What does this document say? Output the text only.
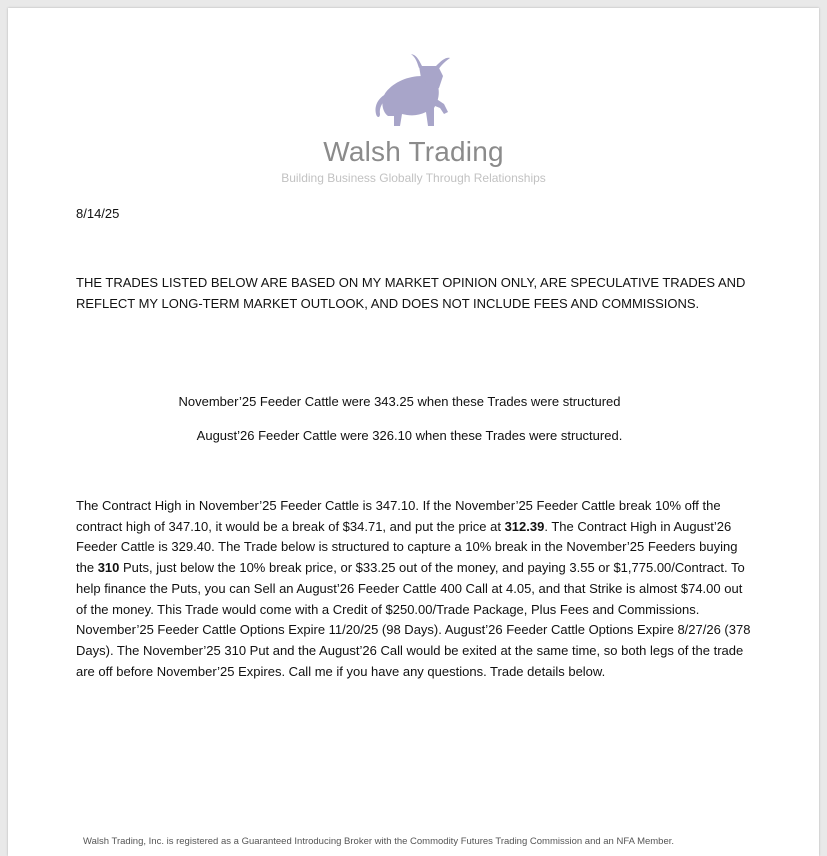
Walsh Trading
Building Business Globally Through Relationships
8/14/25
THE TRADES LISTED BELOW ARE BASED ON MY MARKET OPINION ONLY, ARE SPECULATIVE TRADES AND REFLECT MY LONG-TERM MARKET OUTLOOK, AND DOES NOT INCLUDE FEES AND COMMISSIONS.
November’25 Feeder Cattle were 343.25 when these Trades were structured
August’26 Feeder Cattle were 326.10 when these Trades were structured.
The Contract High in November’25 Feeder Cattle is 347.10. If the November’25 Feeder Cattle break 10% off the contract high of 347.10, it would be a break of $34.71, and put the price at 312.39. The Contract High in August’26 Feeder Cattle is 329.40. The Trade below is structured to capture a 10% break in the November’25 Feeders buying the 310 Puts, just below the 10% break price, or $33.25 out of the money, and paying 3.55 or $1,775.00/Contract. To help finance the Puts, you can Sell an August’26 Feeder Cattle 400 Call at 4.05, and that Strike is almost $74.00 out of the money. This Trade would come with a Credit of $250.00/Trade Package, Plus Fees and Commissions. November’25 Feeder Cattle Options Expire 11/20/25 (98 Days). August’26 Feeder Cattle Options Expire 8/27/26 (378 Days). The November’25 310 Put and the August’26 Call would be exited at the same time, so both legs of the trade are off before November’25 Expires. Call me if you have any questions. Trade details below.
Walsh Trading, Inc. is registered as a Guaranteed Introducing Broker with the Commodity Futures Trading Commission and an NFA Member.
